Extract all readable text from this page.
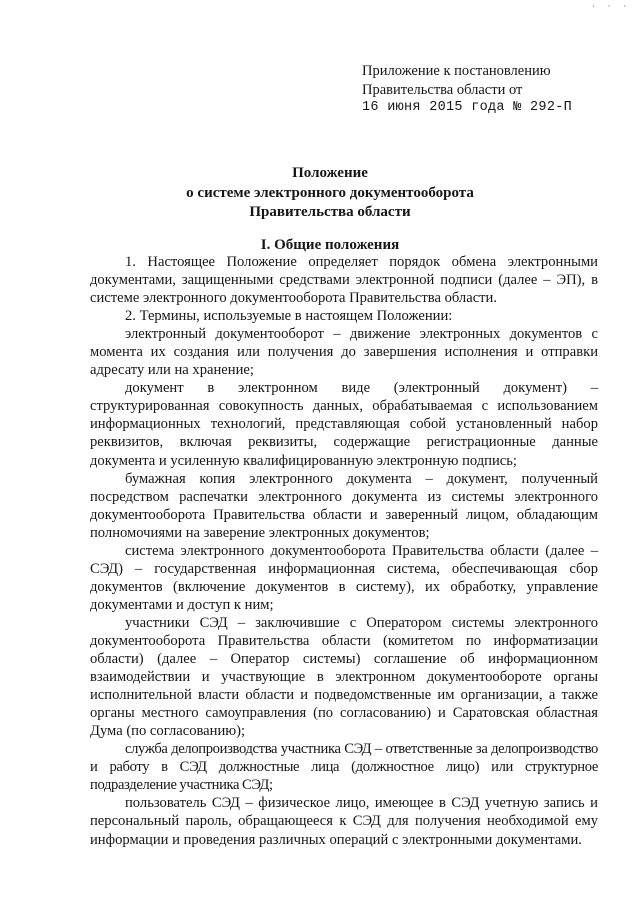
· · ·
Приложение к постановлению
Правительства области от
16 июня 2015 года № 292-П
Положение
о системе электронного документооборота
Правительства области
I. Общие положения

1. Настоящее Положение определяет порядок обмена электронными документами, защищенными средствами электронной подписи (далее – ЭП), в системе электронного документооборота Правительства области.

2. Термины, используемые в настоящем Положении:

электронный документооборот – движение электронных документов с момента их создания или получения до завершения исполнения и отправки адресату или на хранение;

документ в электронном виде (электронный документ) – структурированная совокупность данных, обрабатываемая с использованием информационных технологий, представляющая собой установленный набор реквизитов, включая реквизиты, содержащие регистрационные данные документа и усиленную квалифицированную электронную подпись;

бумажная копия электронного документа – документ, полученный посредством распечатки электронного документа из системы электронного документооборота Правительства области и заверенный лицом, обладающим полномочиями на заверение электронных документов;

система электронного документооборота Правительства области (далее – СЭД) – государственная информационная система, обеспечивающая сбор документов (включение документов в систему), их обработку, управление документами и доступ к ним;

участники СЭД – заключившие с Оператором системы электронного документооборота Правительства области (комитетом по информатизации области) (далее – Оператор системы) соглашение об информационном взаимодействии и участвующие в электронном документообороте органы исполнительной власти области и подведомственные им организации, а также органы местного самоуправления (по согласованию) и Саратовская областная Дума (по согласованию);

служба делопроизводства участника СЭД – ответственные за делопроизводство и работу в СЭД должностные лица (должностное лицо) или структурное подразделение участника СЭД;

пользователь СЭД – физическое лицо, имеющее в СЭД учетную запись и персональный пароль, обращающееся к СЭД для получения необходимой ему информации и проведения различных операций с электронными документами.
